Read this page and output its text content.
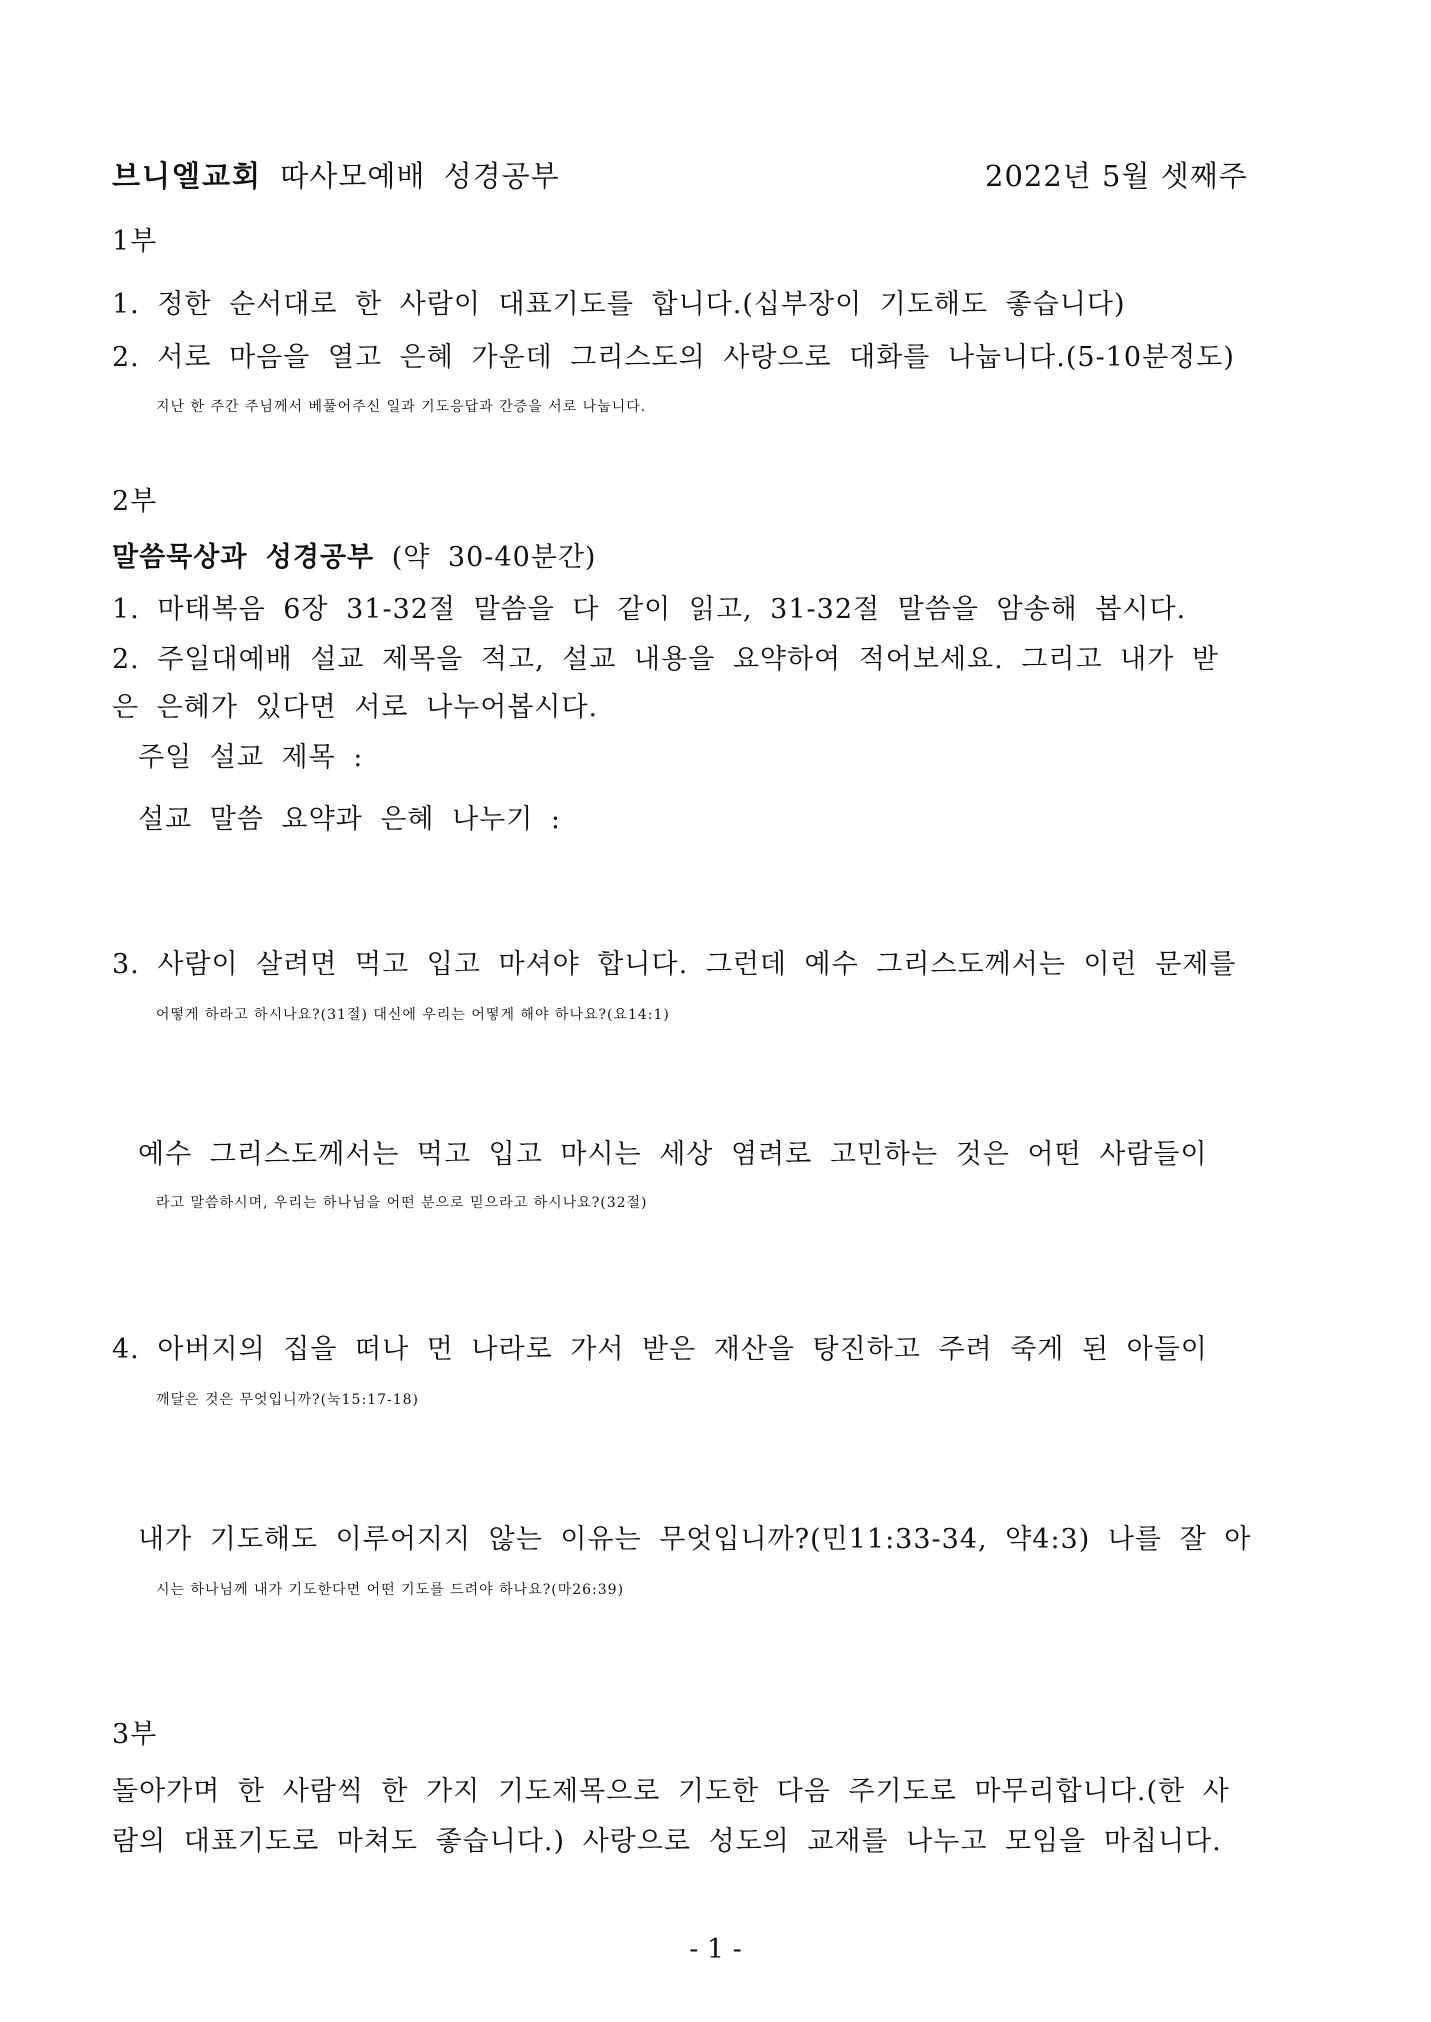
브니엘교회 따사모예배 성경공부	2022년 5월 셋째주
1부
1. 정한 순서대로 한 사람이 대표기도를 합니다.(십부장이 기도해도 좋습니다)
2. 서로 마음을 열고 은혜 가운데 그리스도의 사랑으로 대화를 나눕니다.(5-10분정도)
지난 한 주간 주님께서 베풀어주신 일과 기도응답과 간증을 서로 나눕니다.
2부
말씀묵상과 성경공부 (약 30-40분간)
1. 마태복음 6장 31-32절 말씀을 다 같이 읽고, 31-32절 말씀을 암송해 봅시다.
2. 주일대예배 설교 제목을 적고, 설교 내용을 요약하여 적어보세요. 그리고 내가 받
은 은혜가 있다면 서로 나누어봅시다.
주일 설교 제목 :
설교 말씀 요약과 은혜 나누기 :
3. 사람이 살려면 먹고 입고 마셔야 합니다. 그런데 예수 그리스도께서는 이런 문제를
어떻게 하라고 하시나요?(31절) 대신에 우리는 어떻게 해야 하나요?(요14:1)
예수 그리스도께서는 먹고 입고 마시는 세상 염려로 고민하는 것은 어떤 사람들이
라고 말씀하시며, 우리는 하나님을 어떤 분으로 믿으라고 하시나요?(32절)
4. 아버지의 집을 떠나 먼 나라로 가서 받은 재산을 탕진하고 주려 죽게 된 아들이
깨달은 것은 무엇입니까?(눅15:17-18)
내가 기도해도 이루어지지 않는 이유는 무엇입니까?(민11:33-34, 약4:3) 나를 잘 아
시는 하나님께 내가 기도한다면 어떤 기도를 드려야 하나요?(마26:39)
3부
돌아가며 한 사람씩 한 가지 기도제목으로 기도한 다음 주기도로 마무리합니다.(한 사
람의 대표기도로 마쳐도 좋습니다.) 사랑으로 성도의 교재를 나누고 모임을 마칩니다.
- 1 -
